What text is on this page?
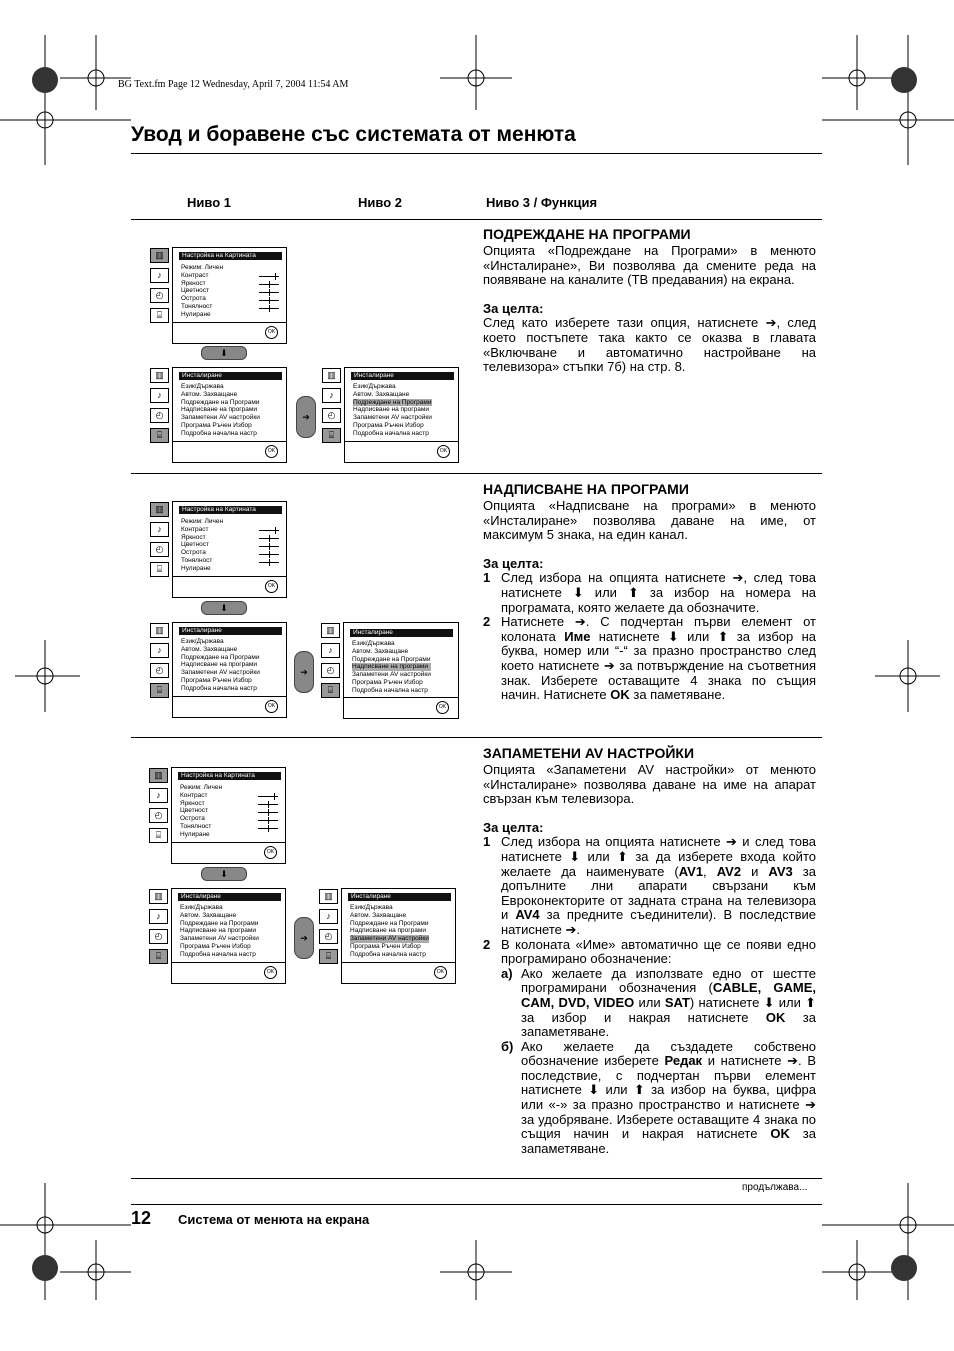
BG Text.fm Page 12 Wednesday, April 7, 2004 11:54 AM
Увод и боравене със системата от менюта
Ниво 1	Ниво 2	Ниво 3 / Функция
▥
♪
◴
⌸
Настройка на Картината
Режим: Личен
Контраст
Яркност
Цветност
Острота
Тонялност
Нулиране
OK
⬇
▥
♪
◴
⌸
Инсталиране
Език/Държава
Автом. Захващане
Подреждане на Програми
Надписване на програми
Запаметени AV настройки
Програма Ръчен Избор
Подробна начална настр
OK
➔
▥
♪
◴
⌸
Инсталиране
Език/Държава
Автом. Захващане
Подреждане на Програми
Надписване на програми
Запаметени AV настройки
Програма Ръчен Избор
Подробна начална настр
OK
▥
♪
◴
⌸
Настройка на Картината
Режим: Личен
Контраст
Яркност
Цветност
Острота
Тонялност
Нулиране
OK
⬇
▥
♪
◴
⌸
Инсталиране
Език/Държава
Автом. Захващане
Подреждане на Програми
Надписване на програми
Запаметени AV настройки
Програма Ръчен Избор
Подробна начална настр
OK
➔
▥
♪
◴
⌸
Инсталиране
Език/Държава
Автом. Захващане
Подреждане на Програми
Надписване на програми
Запаметени AV настройки
Програма Ръчен Избор
Подробна начална настр
OK
▥
♪
◴
⌸
Настройка на Картината
Режим: Личен
Контраст
Яркност
Цветност
Острота
Тонялност
Нулиране
OK
⬇
▥
♪
◴
⌸
Инсталиране
Език/Държава
Автом. Захващане
Подреждане на Програми
Надписване на програми
Запаметени AV настройки
Програма Ръчен Избор
Подробна начална настр
OK
➔
▥
♪
◴
⌸
Инсталиране
Език/Държава
Автом. Захващане
Подреждане на Програми
Надписване на програми
Запаметени AV настройки
Програма Ръчен Избор
Подробна начална настр
OK
ПОДРЕЖДАНЕ НА ПРОГРАМИ

Опцията «Подреждане на Програми» в менюто «Инсталиране», Ви позволява да смените реда на появяване на каналите (ТВ предавания) на екрана.

За целта:

След като изберете тази опция, натиснете ➔, след което постъпете така както се оказва в главата «Включване и автоматично настройване на телевизора» стъпки 7б) на стр. 8.

НАДПИСВАНЕ НА ПРОГРАМИ

Опцията «Надписване на програми» в менюто «Инсталиране» позволява даване на име, от максимум 5 знака, на един канал.

За целта:

1 След избора на опцията натиснете ➔, след това натиснете ⬇ или ⬆ за избор на номера на програмата, която желаете да обозначите.
2 Натиснете ➔. С подчертан първи елемент от колоната Име натиснете ⬇ или ⬆ за избор на буква, номер или “-“ за празно пространство след което натиснете ➔ за потвърждение на съответния знак. Изберете оставащите 4 знака по същия начин. Натиснете OK за паметяване.
ЗАПАМЕТЕНИ AV НАСТРОЙКИ

Опцията «Запаметени AV настройки» от менюто «Инсталиране» позволява даване на име на апарат свързан към телевизора.

За целта:

1 След избора на опцията натиснете ➔ и след това натиснете ⬇ или ⬆ за да изберете входа който желаете да наименувате (AV1, AV2 и AV3 за допълните лни апарати свързани към Евроконекторите от задната страна на телевизора и AV4 за предните съединители). В последствие натиснете ➔.
2 В колоната «Име» автоматично ще се появи едно програмирано обозначение:
а) Ако желаете да използвате едно от шестте програмирани обозначения (CABLE, GAME, CAM, DVD, VIDEO или SAT) натиснете ⬇ или ⬆ за избор и накрая натиснете OK за запаметяване.
б) Ако желаете да създадете собствено обозначение изберете Редак и натиснете ➔. В последствие, с подчертан първи елемент натиснете ⬇ или ⬆ за избор на буква, цифра или «-» за празно пространство и натиснете ➔ за удобряване. Изберете оставащите 4 знака по същия начин и накрая натиснете OK за запаметяване.
продължава...
12 Система от менюта на екрана
